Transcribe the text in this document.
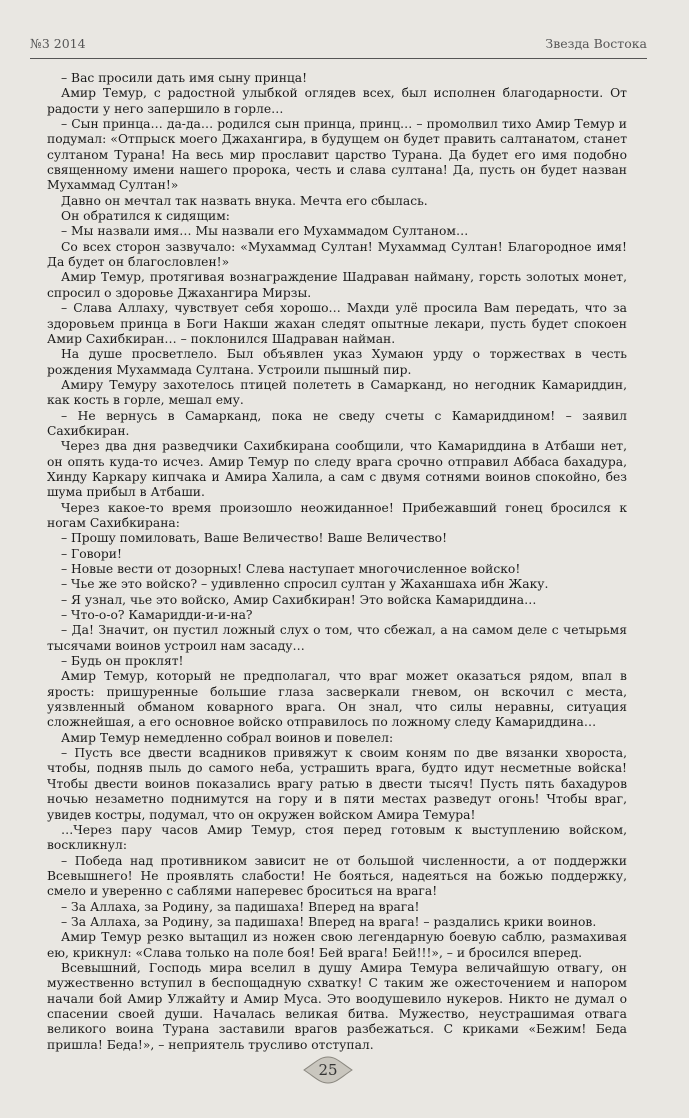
№3 2014	Звезда Востока

– Вас просили дать имя сыну принца!

Амир Темур, с радостной улыбкой оглядев всех, был исполнен благодарности. От радости у него запершило в горле…

– Сын принца… да-да… родился сын принца, принц… – промолвил тихо Амир Темур и подумал: «Отпрыск моего Джахангира, в будущем он будет править салтанатом, станет султаном Турана! На весь мир прославит царство Турана. Да будет его имя подобно священному имени нашего пророка, честь и слава султана! Да, пусть он будет назван Мухаммад Султан!»

Давно он мечтал так назвать внука. Мечта его сбылась.

Он обратился к сидящим:

– Мы назвали имя… Мы назвали его Мухаммадом Султаном…

Со всех сторон зазвучало: «Мухаммад Султан! Мухаммад Султан! Благородное имя! Да будет он благословлен!»

Амир Темур, протягивая вознаграждение Шадраван найману, горсть золотых монет, спросил о здоровье Джахангира Мирзы.

– Слава Аллаху, чувствует себя хорошо… Махди улё просила Вам передать, что за здоровьем принца в Боги Накши жахан следят опытные лекари, пусть будет спокоен Амир Сахибкиран… – поклонился Шадраван найман.

На душе просветлело. Был объявлен указ Хумаюн урду о торжествах в честь рождения Мухаммада Султана. Устроили пышный пир.

Амиру Темуру захотелось птицей полететь в Самарканд, но негодник Камариддин, как кость в горле, мешал ему.

– Не вернусь в Самарканд, пока не сведу счеты с Камариддином! – заявил Сахибкиран.

Через два дня разведчики Сахибкирана сообщили, что Камариддина в Атбаши нет, он опять куда-то исчез. Амир Темур по следу врага срочно отправил Аббаса бахадура, Хинду Каркару кипчака и Амира Халила, а сам с двумя сотнями воинов спокойно, без шума прибыл в Атбаши.

Через какое-то время произошло неожиданное! Прибежавший гонец бросился к ногам Сахибкирана:

– Прошу помиловать, Ваше Величество! Ваше Величество!

– Говори!

– Новые вести от дозорных! Слева наступает многочисленное войско!

– Чье же это войско? – удивленно спросил султан у Жаханшаха ибн Жаку.

– Я узнал, чье это войско, Амир Сахибкиран! Это войска Камариддина…

– Что-о-о? Камаридди-и-и-на?

– Да! Значит, он пустил ложный слух о том, что сбежал, а на самом деле с четырьмя тысячами воинов устроил нам засаду…

– Будь он проклят!

Амир Темур, который не предполагал, что враг может оказаться рядом, впал в ярость: пришуренные большие глаза засверкали гневом, он вскочил с места, уязвленный обманом коварного врага. Он знал, что силы неравны, ситуация сложнейшая, а его основное войско отправилось по ложному следу Камариддина…

Амир Темур немедленно собрал воинов и повелел:

– Пусть все двести всадников привяжут к своим коням по две вязанки хвороста, чтобы, подняв пыль до самого неба, устрашить врага, будто идут несметные войска! Чтобы двести воинов показались врагу ратью в двести тысяч! Пусть пять бахадуров ночью незаметно поднимутся на гору и в пяти местах разведут огонь! Чтобы враг, увидев костры, подумал, что он окружен войском Амира Темура!

…Через пару часов Амир Темур, стоя перед готовым к выступлению войском, воскликнул:

– Победа над противником зависит не от большой численности, а от поддержки Всевышнего! Не проявлять слабости! Не бояться, надеяться на божью поддержку, смело и уверенно с саблями наперевес броситься на врага!

– За Аллаха, за Родину, за падишаха! Вперед на врага!

– За Аллаха, за Родину, за падишаха! Вперед на врага! – раздались крики воинов.

Амир Темур резко вытащил из ножен свою легендарную боевую саблю, размахивая ею, крикнул: «Слава только на поле боя! Бей врага! Бей!!!», – и бросился вперед.

Всевышний, Господь мира вселил в душу Амира Темура величайшую отвагу, он мужественно вступил в беспощадную схватку! С таким же ожесточением и напором начали бой Амир Улжайту и Амир Муса. Это воодушевило нукеров. Никто не думал о спасении своей души. Началась великая битва. Мужество, неустрашимая отвага великого воина Турана заставили врагов разбежаться. С криками «Бежим! Беда пришла! Беда!», – неприятель трусливо отступал.

25
